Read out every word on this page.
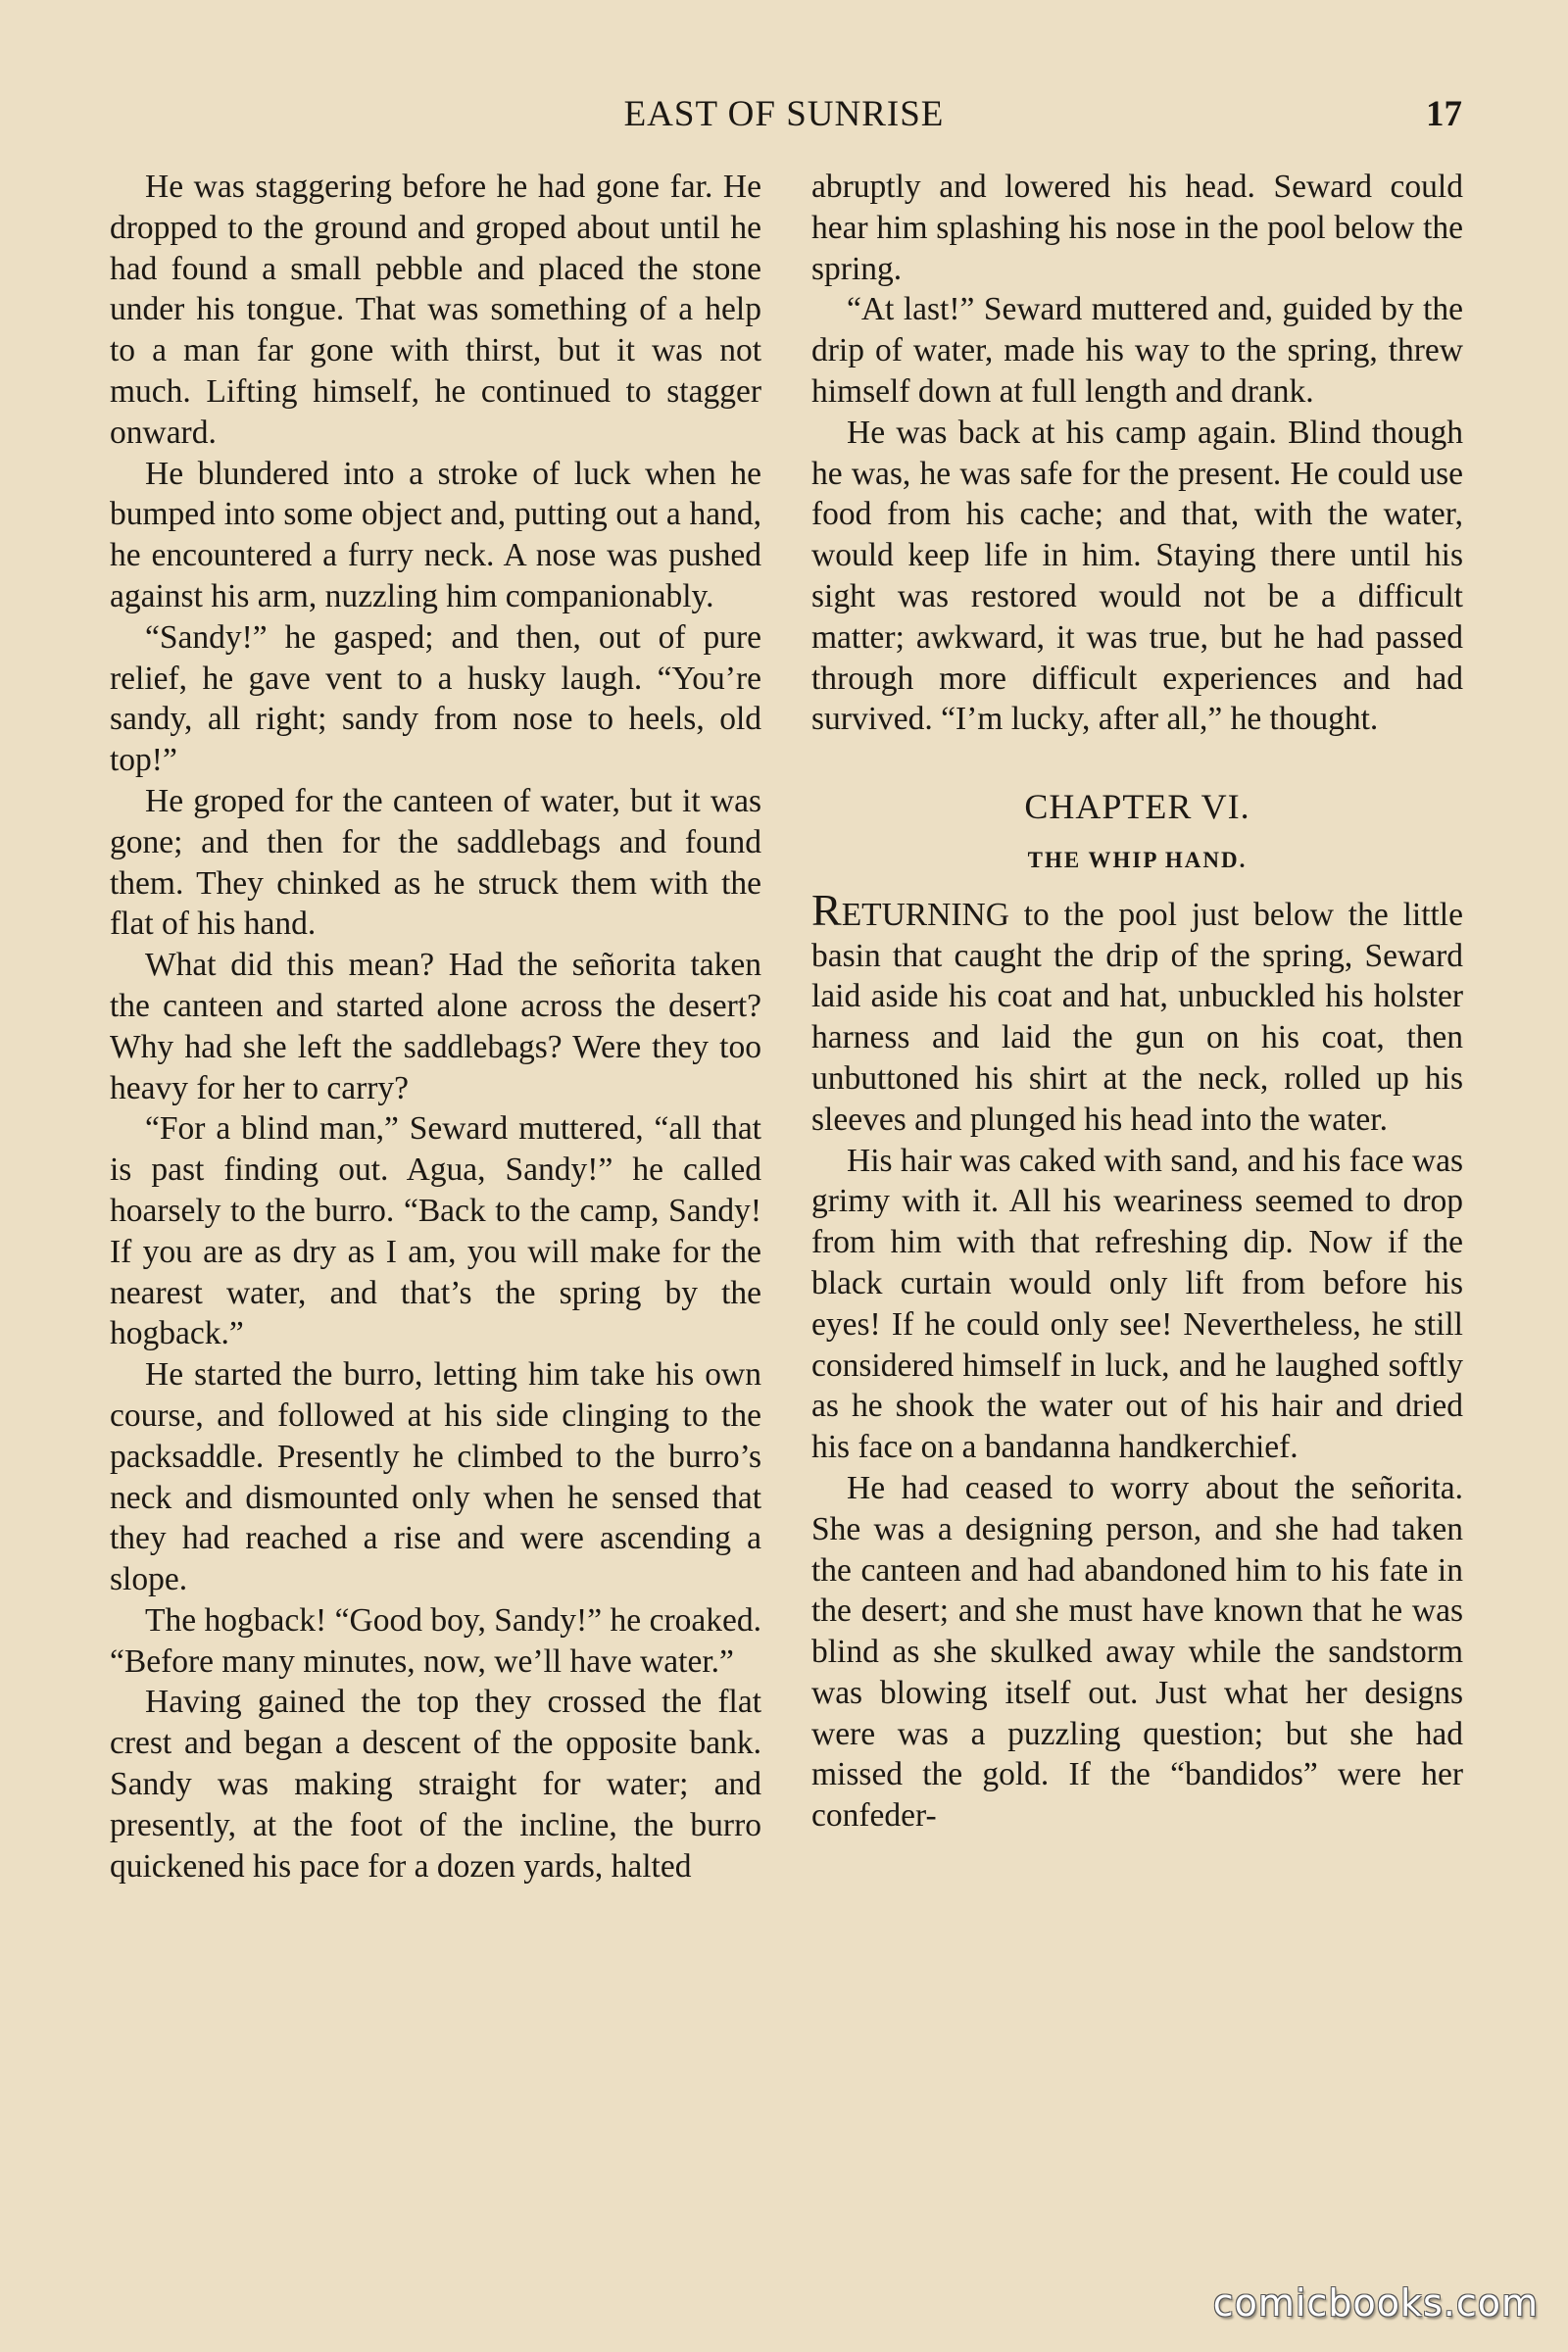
EAST OF SUNRISE	17

He was staggering before he had gone far. He dropped to the ground and groped about until he had found a small pebble and placed the stone under his tongue. That was something of a help to a man far gone with thirst, but it was not much. Lifting himself, he continued to stagger onward.

He blundered into a stroke of luck when he bumped into some object and, putting out a hand, he encountered a furry neck. A nose was pushed against his arm, nuzzling him companionably.

“Sandy!” he gasped; and then, out of pure relief, he gave vent to a husky laugh. “You’re sandy, all right; sandy from nose to heels, old top!”

He groped for the canteen of water, but it was gone; and then for the saddlebags and found them. They chinked as he struck them with the flat of his hand.

What did this mean? Had the señorita taken the canteen and started alone across the desert? Why had she left the saddlebags? Were they too heavy for her to carry?

“For a blind man,” Seward muttered, “all that is past finding out. Agua, Sandy!” he called hoarsely to the burro. “Back to the camp, Sandy! If you are as dry as I am, you will make for the nearest water, and that’s the spring by the hogback.”

He started the burro, letting him take his own course, and followed at his side clinging to the packsaddle. Presently he climbed to the burro’s neck and dismounted only when he sensed that they had reached a rise and were ascending a slope.

The hogback! “Good boy, Sandy!” he croaked. “Before many minutes, now, we’ll have water.”

Having gained the top they crossed the flat crest and began a descent of the opposite bank. Sandy was making straight for water; and presently, at the foot of the incline, the burro quickened his pace for a dozen yards, halted

abruptly and lowered his head. Seward could hear him splashing his nose in the pool below the spring.

“At last!” Seward muttered and, guided by the drip of water, made his way to the spring, threw himself down at full length and drank.

He was back at his camp again. Blind though he was, he was safe for the present. He could use food from his cache; and that, with the water, would keep life in him. Staying there until his sight was restored would not be a difficult matter; awkward, it was true, but he had passed through more difficult experiences and had survived. “I’m lucky, after all,” he thought.

CHAPTER VI.
THE WHIP HAND.

RETURNING to the pool just below the little basin that caught the drip of the spring, Seward laid aside his coat and hat, unbuckled his holster harness and laid the gun on his coat, then unbuttoned his shirt at the neck, rolled up his sleeves and plunged his head into the water.

His hair was caked with sand, and his face was grimy with it. All his weariness seemed to drop from him with that refreshing dip. Now if the black curtain would only lift from before his eyes! If he could only see! Nevertheless, he still considered himself in luck, and he laughed softly as he shook the water out of his hair and dried his face on a bandanna handkerchief.

He had ceased to worry about the señorita. She was a designing person, and she had taken the canteen and had abandoned him to his fate in the desert; and she must have known that he was blind as she skulked away while the sandstorm was blowing itself out. Just what her designs were was a puzzling question; but she had missed the gold. If the “bandidos” were her confeder-

comicbooks.com
